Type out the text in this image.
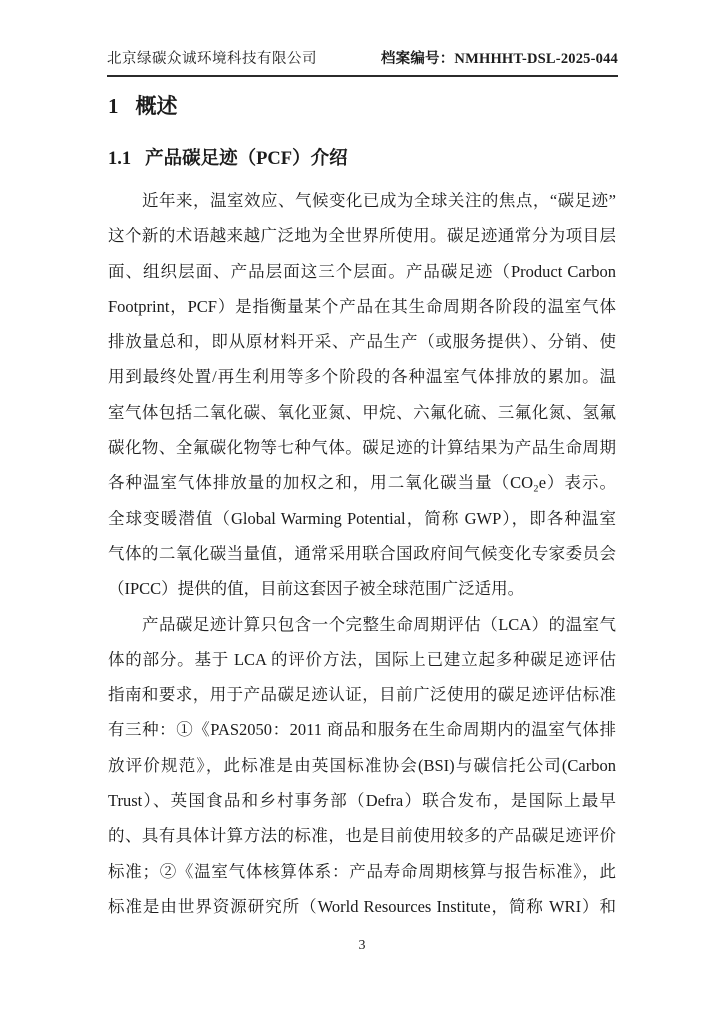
北京绿碳众诚环境科技有限公司	档案编号：NMHHHT-DSL-2025-044
1 概述
1.1 产品碳足迹（PCF）介绍
近年来，温室效应、气候变化已成为全球关注的焦点，“碳足迹”
这个新的术语越来越广泛地为全世界所使用。碳足迹通常分为项目层
面、组织层面、产品层面这三个层面。产品碳足迹（Product Carbon
Footprint，PCF）是指衡量某个产品在其生命周期各阶段的温室气体
排放量总和，即从原材料开采、产品生产（或服务提供）、分销、使
用到最终处置/再生利用等多个阶段的各种温室气体排放的累加。温
室气体包括二氧化碳、氧化亚氮、甲烷、六氟化硫、三氟化氮、氢氟
碳化物、全氟碳化物等七种气体。碳足迹的计算结果为产品生命周期
各种温室气体排放量的加权之和，用二氧化碳当量（CO₂e）表示。
全球变暖潜值（Global Warming Potential，简称 GWP），即各种温室
气体的二氧化碳当量值，通常采用联合国政府间气候变化专家委员会
（IPCC）提供的值，目前这套因子被全球范围广泛适用。
产品碳足迹计算只包含一个完整生命周期评估（LCA）的温室气
体的部分。基于 LCA 的评价方法，国际上已建立起多种碳足迹评估
指南和要求，用于产品碳足迹认证，目前广泛使用的碳足迹评估标准
有三种：①《PAS2050：2011 商品和服务在生命周期内的温室气体排
放评价规范》，此标准是由英国标准协会(BSI)与碳信托公司(Carbon
Trust）、英国食品和乡村事务部（Defra）联合发布，是国际上最早
的、具有具体计算方法的标准，也是目前使用较多的产品碳足迹评价
标准；②《温室气体核算体系：产品寿命周期核算与报告标准》，此
标准是由世界资源研究所（World Resources Institute，简称 WRI）和
3
